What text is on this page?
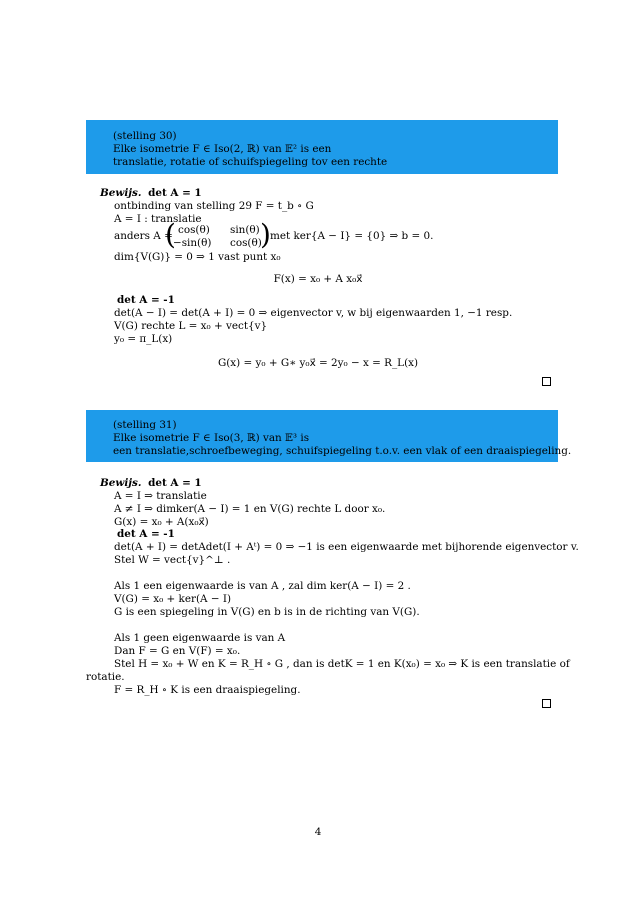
(stelling 30)
Elke isometrie F ∈ Iso(2, ℝ) van 𝔼² is een
translatie, rotatie of schuifspiegeling tov een rechte
Bewijs. det A = 1
ontbinding van stelling 29 F = t_b ∘ G
A = I : translatie
anders A =
( cos(θ) sin(θ)
−sin(θ) cos(θ)
) met ker{A − I} = {0} ⇒ b = 0.
dim{V(G)} = 0 ⇒ 1 vast punt x₀
F(x) = x₀ + A x₀x⃗
det A = -1
det(A − I) = det(A + I) = 0 ⇒ eigenvector v, w bij eigenwaarden 1, −1 resp.
V(G) rechte L = x₀ + vect{v}
y₀ = π_L(x)
G(x) = y₀ + G∗ y₀x⃗ = 2y₀ − x = R_L(x)
(stelling 31)
Elke isometrie F ∈ Iso(3, ℝ) van 𝔼³ is
een translatie,schroefbeweging, schuifspiegeling t.o.v. een vlak of een draaispiegeling.
Bewijs. det A = 1
A = I ⇒ translatie
A ≠ I ⇒ dimker(A − I) = 1 en V(G) rechte L door x₀.
G(x) = x₀ + A(x₀x⃗)
det A = -1
det(A + I) = detAdet(I + Aᵗ) = 0 ⇒ −1 is een eigenwaarde met bijhorende eigenvector v.
Stel W = vect{v}^⊥ .
Als 1 een eigenwaarde is van A , zal dim ker(A − I) = 2 .
V(G) = x₀ + ker(A − I)
G is een spiegeling in V(G) en b is in de richting van V(G).
Als 1 geen eigenwaarde is van A
Dan F = G en V(F) = x₀.
Stel H = x₀ + W en K = R_H ∘ G , dan is detK = 1 en K(x₀) = x₀ ⇒ K is een translatie of
rotatie.
F = R_H ∘ K is een draaispiegeling.
4
